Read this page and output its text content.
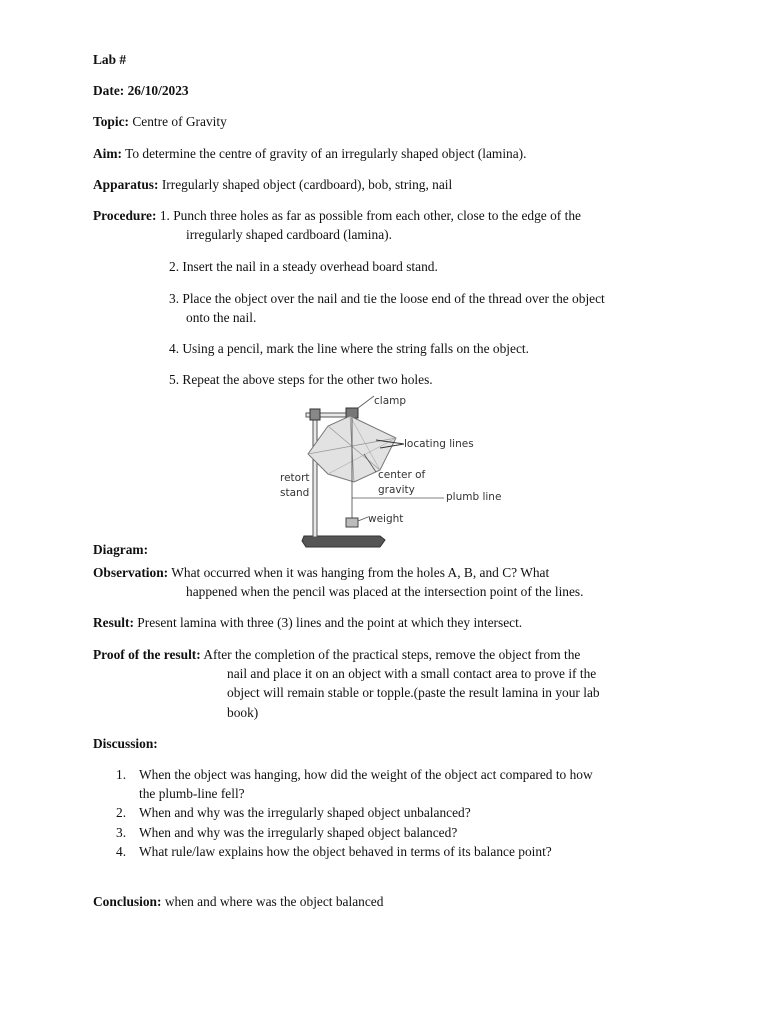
Lab #
Date: 26/10/2023
Topic: Centre of Gravity
Aim: To determine the centre of gravity of an irregularly shaped object (lamina).
Apparatus: Irregularly shaped object (cardboard), bob, string, nail
Procedure: 1. Punch three holes as far as possible from each other, close to the edge of the
irregularly shaped cardboard (lamina).
2. Insert the nail in a steady overhead board stand.
3. Place the object over the nail and tie the loose end of the thread over the object
onto the nail.
4. Using a pencil, mark the line where the string falls on the object.
5. Repeat the above steps for the other two holes.
clamp
locating lines
retort
stand
center of
gravity
plumb line
weight
Diagram:
Observation: What occurred when it was hanging from the holes A, B, and C? What
happened when the pencil was placed at the intersection point of the lines.
Result: Present lamina with three (3) lines and the point at which they intersect.
Proof of the result: After the completion of the practical steps, remove the object from the
nail and place it on an object with a small contact area to prove if the
object will remain stable or topple.(paste the result lamina in your lab
book)
Discussion:
1. When the object was hanging, how did the weight of the object act compared to how
the plumb-line fell?
2. When and why was the irregularly shaped object unbalanced?
3. When and why was the irregularly shaped object balanced?
4. What rule/law explains how the object behaved in terms of its balance point?
Conclusion: when and where was the object balanced
